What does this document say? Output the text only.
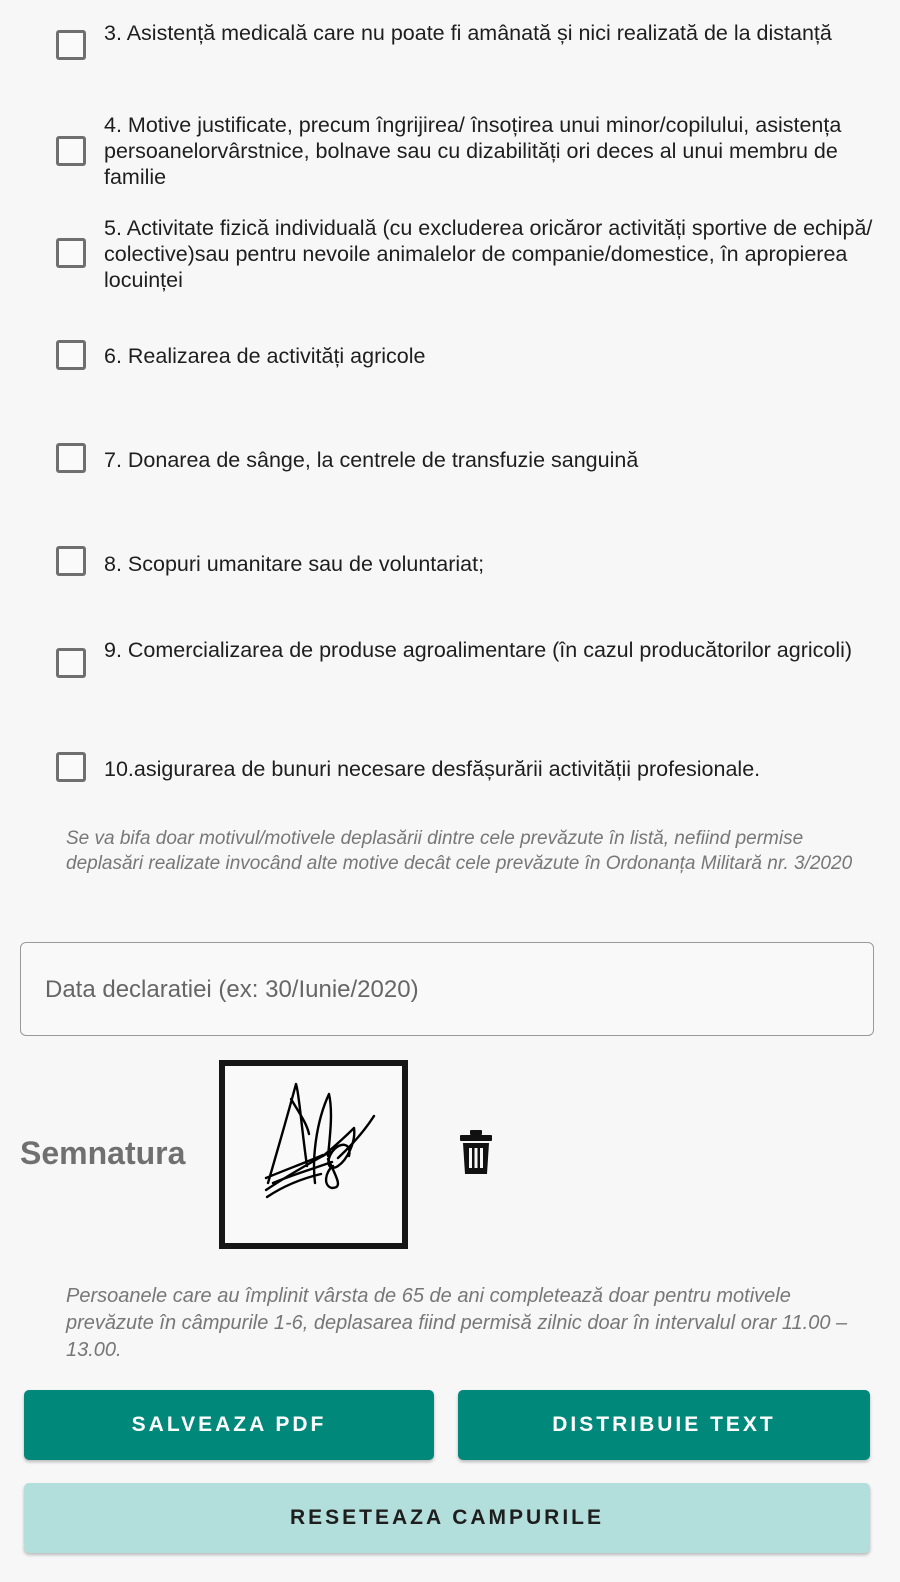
3. Asistență medicală care nu poate fi amânată și nici realizată de la distanță
4. Motive justificate, precum îngrijirea/ însoțirea unui minor/copilului, asistența persoanelorvârstnice, bolnave sau cu dizabilități ori deces al unui membru de familie
5. Activitate fizică individuală (cu excluderea oricăror activități sportive de echipă/ colective)sau pentru nevoile animalelor de companie/domestice, în apropierea locuinței
6. Realizarea de activități agricole
7. Donarea de sânge, la centrele de transfuzie sanguină
8. Scopuri umanitare sau de voluntariat;
9. Comercializarea de produse agroalimentare (în cazul producătorilor agricoli)
10.asigurarea de bunuri necesare desfășurării activității profesionale.
Se va bifa doar motivul/motivele deplasării dintre cele prevăzute în listă, nefiind permise deplasări realizate invocând alte motive decât cele prevăzute în Ordonanța Militară nr. 3/2020
Data declaratiei (ex: 30/Iunie/2020)
Semnatura
Persoanele care au împlinit vârsta de 65 de ani completează doar pentru motivele prevăzute în câmpurile 1-6, deplasarea fiind permisă zilnic doar în intervalul orar 11.00 – 13.00.
SALVEAZA PDF	DISTRIBUIE TEXT
RESETEAZA CAMPURILE
